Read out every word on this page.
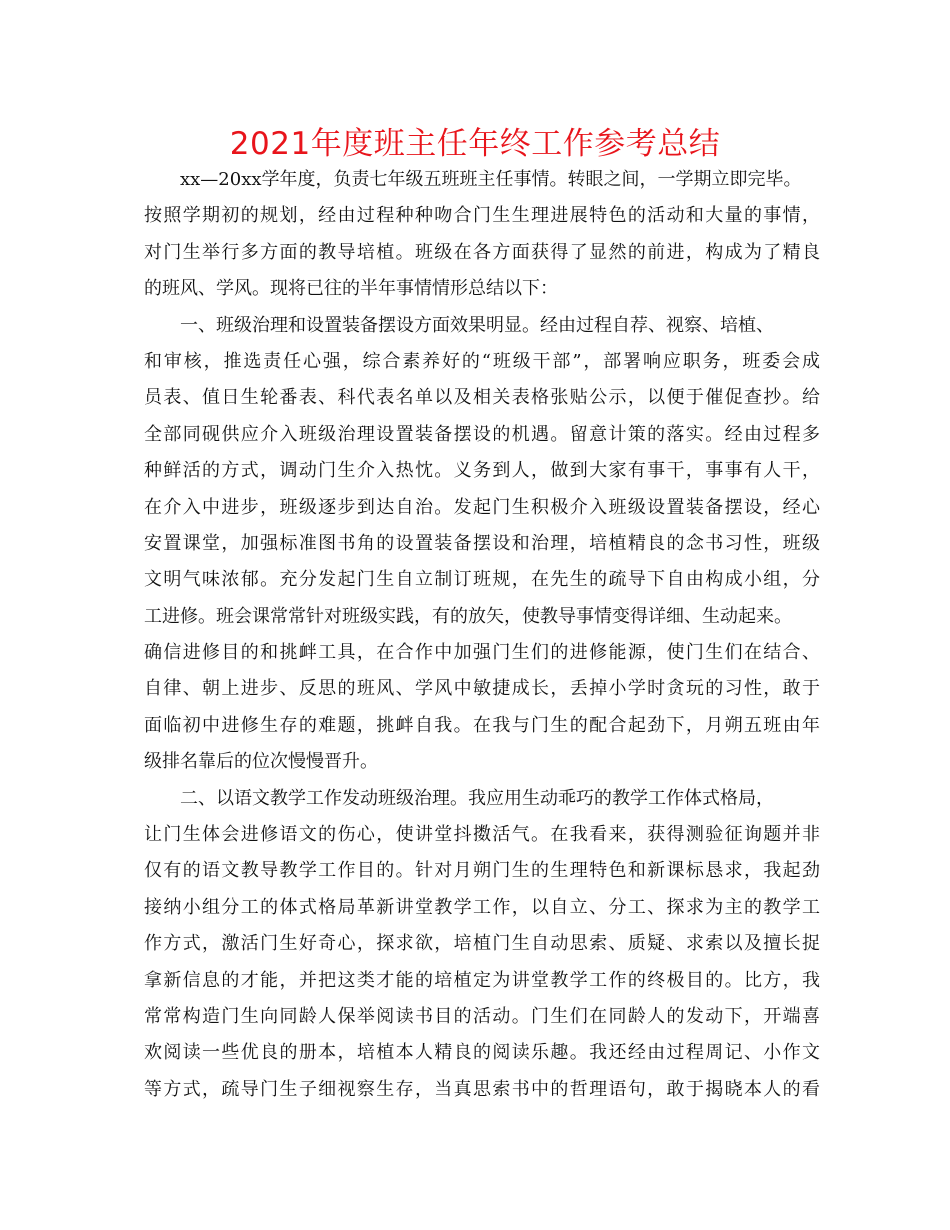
2021年度班主任年终工作参考总结
xx—20xx学年度，负责七年级五班班主任事情。转眼之间，一学期立即完毕。
按照学期初的规划，经由过程种种吻合门生生理进展特色的活动和大量的事情，
对门生举行多方面的教导培植。班级在各方面获得了显然的前进，构成为了精良
的班风、学风。现将已往的半年事情情形总结以下：
一、班级治理和设置装备摆设方面效果明显。经由过程自荐、视察、培植、
和审核，推选责任心强，综合素养好的“班级干部”，部署响应职务，班委会成
员表、值日生轮番表、科代表名单以及相关表格张贴公示，以便于催促查抄。给
全部同砚供应介入班级治理设置装备摆设的机遇。留意计策的落实。经由过程多
种鲜活的方式，调动门生介入热忱。义务到人，做到大家有事干，事事有人干，
在介入中进步，班级逐步到达自治。发起门生积极介入班级设置装备摆设，经心
安置课堂，加强标准图书角的设置装备摆设和治理，培植精良的念书习性，班级
文明气味浓郁。充分发起门生自立制订班规，在先生的疏导下自由构成小组，分
工进修。班会课常常针对班级实践，有的放矢，使教导事情变得详细、生动起来。
确信进修目的和挑衅工具，在合作中加强门生们的进修能源，使门生们在结合、
自律、朝上进步、反思的班风、学风中敏捷成长，丢掉小学时贪玩的习性，敢于
面临初中进修生存的难题，挑衅自我。在我与门生的配合起劲下，月朔五班由年
级排名靠后的位次慢慢晋升。
二、以语文教学工作发动班级治理。我应用生动乖巧的教学工作体式格局，
让门生体会进修语文的伤心，使讲堂抖擞活气。在我看来，获得测验征询题并非
仅有的语文教导教学工作目的。针对月朔门生的生理特色和新课标恳求，我起劲
接纳小组分工的体式格局革新讲堂教学工作，以自立、分工、探求为主的教学工
作方式，激活门生好奇心，探求欲，培植门生自动思索、质疑、求索以及擅长捉
拿新信息的才能，并把这类才能的培植定为讲堂教学工作的终极目的。比方，我
常常构造门生向同龄人保举阅读书目的活动。门生们在同龄人的发动下，开端喜
欢阅读一些优良的册本，培植本人精良的阅读乐趣。我还经由过程周记、小作文
等方式，疏导门生子细视察生存，当真思索书中的哲理语句，敢于揭晓本人的看
